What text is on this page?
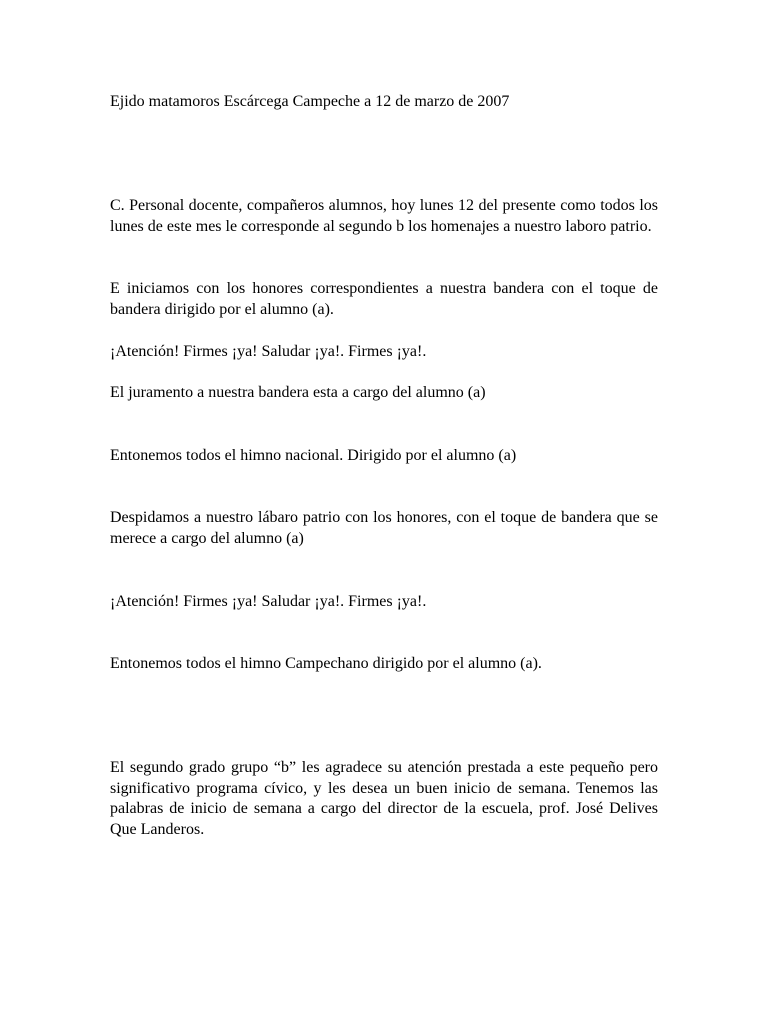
Ejido matamoros Escárcega Campeche a 12 de marzo de 2007

C. Personal docente, compañeros alumnos, hoy lunes 12 del presente como todos los lunes de este mes le corresponde al segundo b los homenajes a nuestro laboro patrio.

E iniciamos con los honores correspondientes a nuestra bandera con el toque de bandera dirigido por el alumno (a).

¡Atención! Firmes ¡ya! Saludar ¡ya!. Firmes ¡ya!.

El juramento a nuestra bandera esta a cargo del alumno (a)

Entonemos todos el himno nacional. Dirigido por el alumno (a)

Despidamos a nuestro lábaro patrio con los honores, con el toque de bandera que se merece a cargo del alumno (a)

¡Atención! Firmes ¡ya! Saludar ¡ya!. Firmes ¡ya!.

Entonemos todos el himno Campechano dirigido por el alumno (a).

El segundo grado grupo “b” les agradece su atención prestada a este pequeño pero significativo programa cívico, y les desea un buen inicio de semana. Tenemos las palabras de inicio de semana a cargo del director de la escuela, prof. José Delives Que Landeros.
